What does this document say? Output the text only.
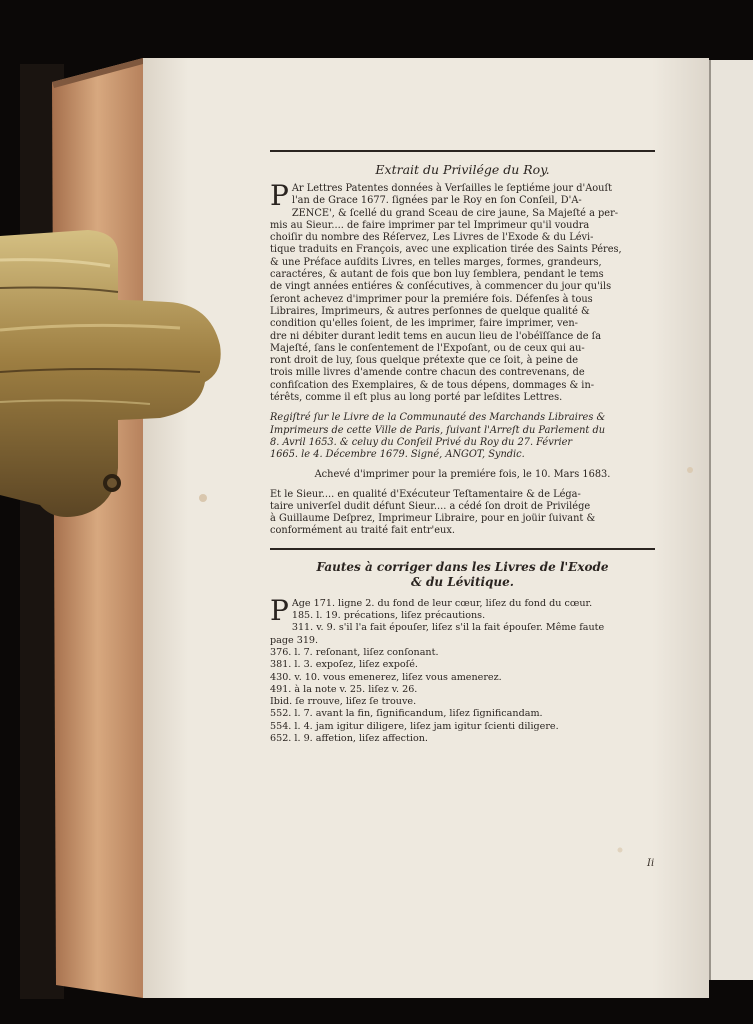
Extrait du Privilége du Roy.
P Ar Lettres Patentes données à Verſailles le ſeptiéme jour d'Aouſt
l'an de Grace 1677. ſignées par le Roy en ſon Conſeil, D'A-
ZENCE', & ſcellé du grand Sceau de cire jaune, Sa Majeſté a per-
mis au Sieur.... de faire imprimer par tel Imprimeur qu'il voudra
choiſir du nombre des Réſervez, Les Livres de l'Exode & du Lévi-
tique traduits en François, avec une explication tirée des Saints Péres,
& une Préface auſdits Livres, en telles marges, formes, grandeurs,
caractéres, & autant de fois que bon luy ſemblera, pendant le tems
de vingt années entiéres & conſécutives, à commencer du jour qu'ils
ſeront achevez d'imprimer pour la premiére fois. Défenſes à tous
Libraires, Imprimeurs, & autres perſonnes de quelque qualité &
condition qu'elles ſoient, de les imprimer, faire imprimer, ven-
dre ni débiter durant ledit tems en aucun lieu de l'obéïſſance de ſa
Majeſté, ſans le conſentement de l'Expoſant, ou de ceux qui au-
ront droit de luy, ſous quelque prétexte que ce ſoit, à peine de
trois mille livres d'amende contre chacun des contrevenans, de
confiſcation des Exemplaires, & de tous dépens, dommages & in-
térêts, comme il eſt plus au long porté par leſdites Lettres.
Regiſtré ſur le Livre de la Communauté des Marchands Libraires &
Imprimeurs de cette Ville de Paris, ſuivant l'Arreſt du Parlement du
8. Avril 1653. & celuy du Conſeil Privé du Roy du 27. Février
1665. le 4. Décembre 1679. Signé, ANGOT, Syndic.
Achevé d'imprimer pour la premiére fois, le 10. Mars 1683.
Et le Sieur.... en qualité d'Exécuteur Teſtamentaire & de Léga-
taire univerſel dudit défunt Sieur.... a cédé ſon droit de Privilége
à Guillaume Deſprez, Imprimeur Libraire, pour en joüir ſuivant &
conformément au traité fait entr'eux.
Fautes à corriger dans les Livres de l'Exode
& du Lévitique.
P Age 171. ligne 2. du fond de leur cœur, liſez du fond du cœur.
185. l. 19. précations, liſez précautions.
311. v. 9. s'il l'a fait épouſer, liſez s'il la fait épouſer. Même faute
page 319.
376. l. 7. reſonant, liſez conſonant.
381. l. 3. expoſez, liſez expoſé.
430. v. 10. vous emenerez, liſez vous amenerez.
491. à la note v. 25. liſez v. 26.
Ibid. ſe rrouve, liſez ſe trouve.
552. l. 7. avant la fin, ſignificandum, liſez ſignificandam.
554. l. 4. jam igitur diligere, liſez jam igitur ſcienti diligere.
652. l. 9. affetion, liſez affection.
Ii
